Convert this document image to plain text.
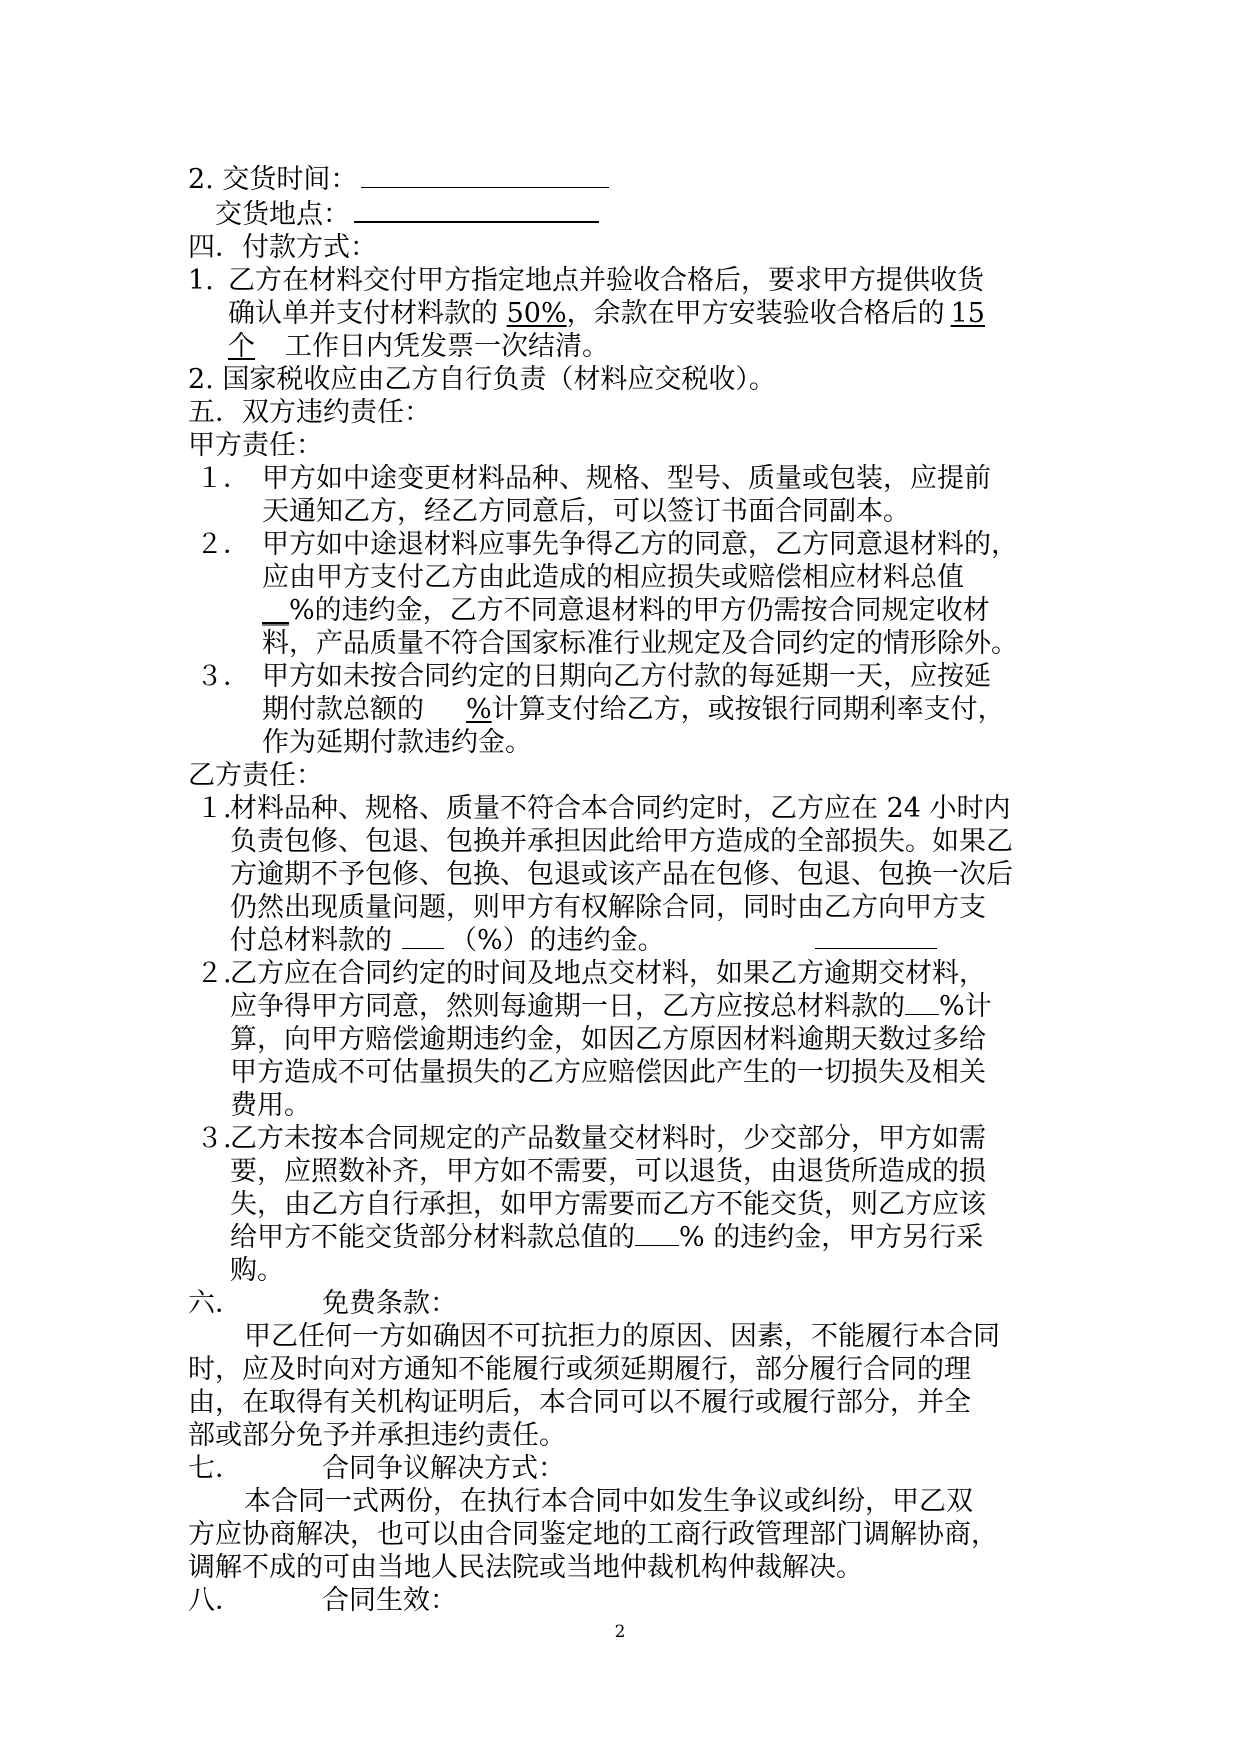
2. 交货时间：
交货地点：
四．付款方式：
1. 乙方在材料交付甲方指定地点并验收合格后，要求甲方提供收货
确认单并支付材料款的 50%，余款在甲方安装验收合格后的 15
个 工作日内凭发票一次结清。
2. 国家税收应由乙方自行负责（材料应交税收）。
五．双方违约责任：
甲方责任：
１． 甲方如中途变更材料品种、规格、型号、质量或包装，应提前
天通知乙方，经乙方同意后，可以签订书面合同副本。
２． 甲方如中途退材料应事先争得乙方的同意，乙方同意退材料的，
应由甲方支付乙方由此造成的相应损失或赔偿相应材料总值
__%的违约金，乙方不同意退材料的甲方仍需按合同规定收材
料，产品质量不符合国家标准行业规定及合同约定的情形除外。
３． 甲方如未按合同约定的日期向乙方付款的每延期一天，应按延
期付款总额的 %计算支付给乙方，或按银行同期利率支付，
作为延期付款违约金。
乙方责任：
１.
材料品种、规格、质量不符合本合同约定时，乙方应在 24 小时内
负责包修、包退、包换并承担因此给甲方造成的全部损失。如果乙
方逾期不予包修、包换、包退或该产品在包修、包退、包换一次后
仍然出现质量问题，则甲方有权解除合同，同时由乙方向甲方支
付总材料款的 （%）的违约金。
２.
乙方应在合同约定的时间及地点交材料，如果乙方逾期交材料，
应争得甲方同意，然则每逾期一日，乙方应按总材料款的 %计
算，向甲方赔偿逾期违约金，如因乙方原因材料逾期天数过多给
甲方造成不可估量损失的乙方应赔偿因此产生的一切损失及相关
费用。
３.
乙方未按本合同规定的产品数量交材料时，少交部分，甲方如需
要，应照数补齐，甲方如不需要，可以退货，由退货所造成的损
失，由乙方自行承担，如甲方需要而乙方不能交货，则乙方应该
给甲方不能交货部分材料款总值的 % 的违约金，甲方另行采
购。
六．	免费条款：
甲乙任何一方如确因不可抗拒力的原因、因素，不能履行本合同
时，应及时向对方通知不能履行或须延期履行，部分履行合同的理
由，在取得有关机构证明后，本合同可以不履行或履行部分，并全
部或部分免予并承担违约责任。
七．	合同争议解决方式：
本合同一式两份，在执行本合同中如发生争议或纠纷，甲乙双
方应协商解决，也可以由合同鉴定地的工商行政管理部门调解协商，
调解不成的可由当地人民法院或当地仲裁机构仲裁解决。
八．	合同生效：
2
